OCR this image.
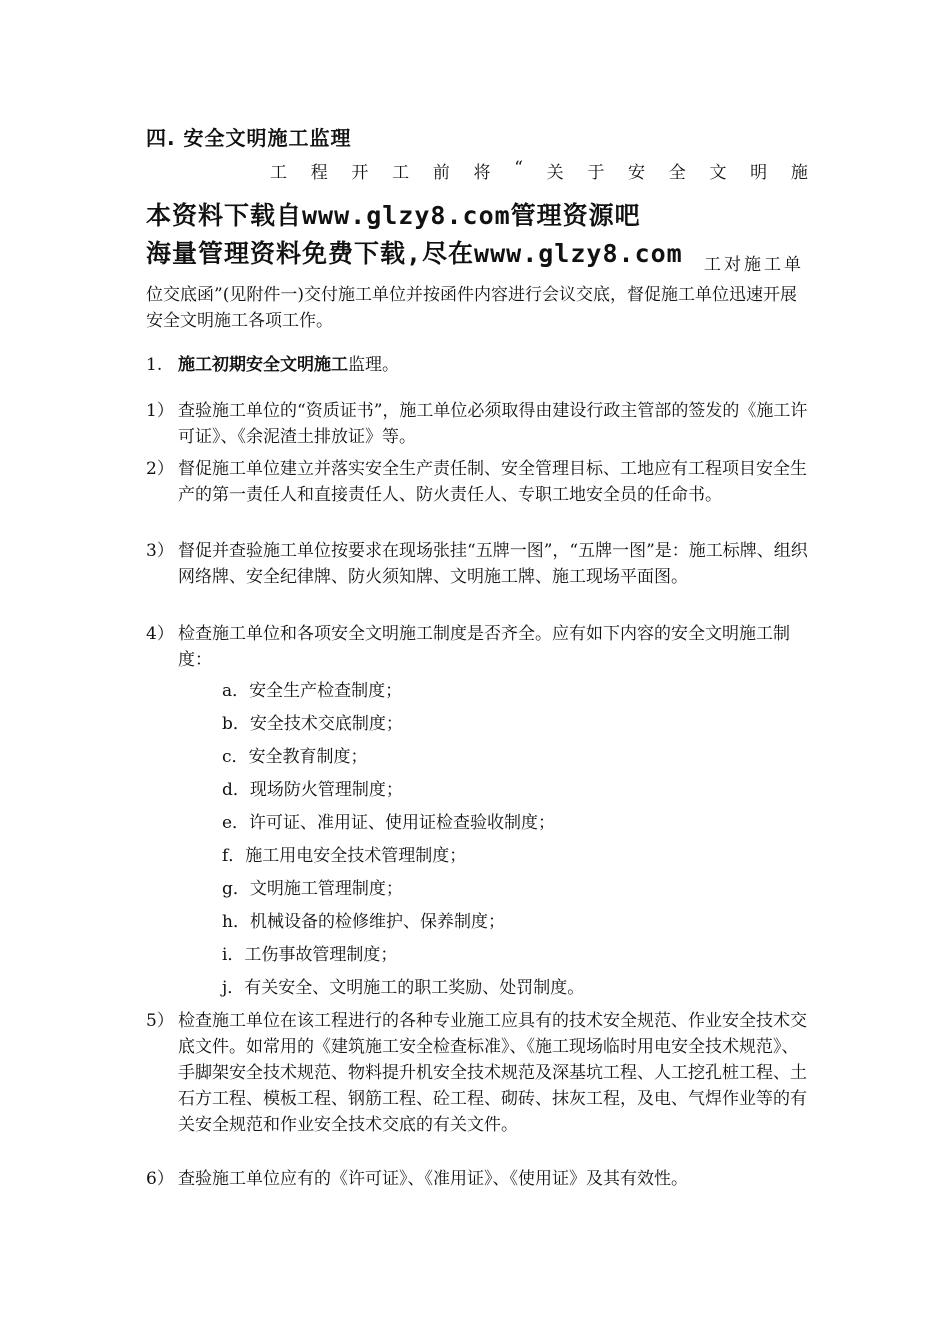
四. 安全文明施工监理
工 程 开 工 前 将 “ 关 于 安 全 文 明 施
本资料下载自www.glzy8.com管理资源吧
海量管理资料免费下载,尽在www.glzy8.com 工对施工单
位交底函”(见附件一)交付施工单位并按函件内容进行会议交底，督促施工单位迅速开展安全文明施工各项工作。
1. 施工初期安全文明施工监理。
1） 查验施工单位的“资质证书”，施工单位必须取得由建设行政主管部的签发的《施工许可证》、《余泥渣土排放证》等。
2） 督促施工单位建立并落实安全生产责任制、安全管理目标、工地应有工程项目安全生产的第一责任人和直接责任人、防火责任人、专职工地安全员的任命书。
3） 督促并查验施工单位按要求在现场张挂“五牌一图”，“五牌一图”是：施工标牌、组织网络牌、安全纪律牌、防火须知牌、文明施工牌、施工现场平面图。
4） 检查施工单位和各项安全文明施工制度是否齐全。应有如下内容的安全文明施工制度：
a．安全生产检查制度；
b．安全技术交底制度；
c．安全教育制度；
d．现场防火管理制度；
e．许可证、准用证、使用证检查验收制度；
f．施工用电安全技术管理制度；
g．文明施工管理制度；
h．机械设备的检修维护、保养制度；
i．工伤事故管理制度；
j．有关安全、文明施工的职工奖励、处罚制度。
5） 检查施工单位在该工程进行的各种专业施工应具有的技术安全规范、作业安全技术交底文件。如常用的《建筑施工安全检查标准》、《施工现场临时用电安全技术规范》、手脚架安全技术规范、物料提升机安全技术规范及深基坑工程、人工挖孔桩工程、土石方工程、模板工程、钢筋工程、砼工程、砌砖、抹灰工程，及电、气焊作业等的有关安全规范和作业安全技术交底的有关文件。
6） 查验施工单位应有的《许可证》、《准用证》、《使用证》及其有效性。
